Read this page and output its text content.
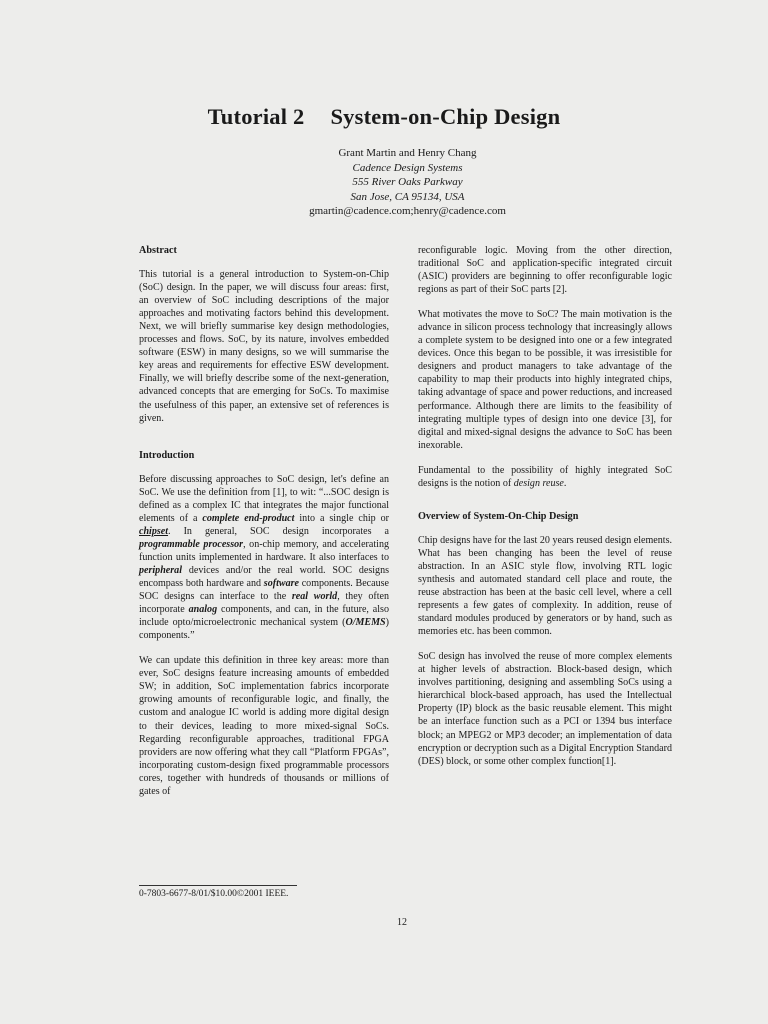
Tutorial 2 System-on-Chip Design
Grant Martin and Henry Chang
Cadence Design Systems
555 River Oaks Parkway
San Jose, CA 95134, USA
gmartin@cadence.com;henry@cadence.com
Abstract

This tutorial is a general introduction to System-on-Chip (SoC) design. In the paper, we will discuss four areas: first, an overview of SoC including descriptions of the major approaches and motivating factors behind this development. Next, we will briefly summarise key design methodologies, processes and flows. SoC, by its nature, involves embedded software (ESW) in many designs, so we will summarise the key areas and requirements for effective ESW development. Finally, we will briefly describe some of the next-generation, advanced concepts that are emerging for SoCs. To maximise the usefulness of this paper, an extensive set of references is given.

Introduction

Before discussing approaches to SoC design, let's define an SoC. We use the definition from [1], to wit: “...SOC design is defined as a complex IC that integrates the major functional elements of a complete end-product into a single chip or chipset. In general, SOC design incorporates a programmable processor, on-chip memory, and accelerating function units implemented in hardware. It also interfaces to peripheral devices and/or the real world. SOC designs encompass both hardware and software components. Because SOC designs can interface to the real world, they often incorporate analog components, and can, in the future, also include opto/microelectronic mechanical system (O/MEMS) components.”

We can update this definition in three key areas: more than ever, SoC designs feature increasing amounts of embedded SW; in addition, SoC implementation fabrics incorporate growing amounts of reconfigurable logic, and finally, the custom and analogue IC world is adding more digital design to their devices, leading to more mixed-signal SoCs. Regarding reconfigurable approaches, traditional FPGA providers are now offering what they call “Platform FPGAs”, incorporating custom-design fixed programmable processors cores, together with hundreds of thousands or millions of gates of

reconfigurable logic. Moving from the other direction, traditional SoC and application-specific integrated circuit (ASIC) providers are beginning to offer reconfigurable logic regions as part of their SoC parts [2].

What motivates the move to SoC? The main motivation is the advance in silicon process technology that increasingly allows a complete system to be designed into one or a few integrated devices. Once this began to be possible, it was irresistible for designers and product managers to take advantage of the capability to map their products into highly integrated chips, taking advantage of space and power reductions, and increased performance. Although there are limits to the feasibility of integrating multiple types of design into one device [3], for digital and mixed-signal designs the advance to SoC has been inexorable.

Fundamental to the possibility of highly integrated SoC designs is the notion of design reuse.

Overview of System-On-Chip Design

Chip designs have for the last 20 years reused design elements. What has been changing has been the level of reuse abstraction. In an ASIC style flow, involving RTL logic synthesis and automated standard cell place and route, the reuse abstraction has been at the basic cell level, where a cell represents a few gates of complexity. In addition, reuse of standard modules produced by generators or by hand, such as memories etc. has been common.

SoC design has involved the reuse of more complex elements at higher levels of abstraction. Block-based design, which involves partitioning, designing and assembling SoCs using a hierarchical block-based approach, has used the Intellectual Property (IP) block as the basic reusable element. This might be an interface function such as a PCI or 1394 bus interface block; an MPEG2 or MP3 decoder; an implementation of data encryption or decryption such as a Digital Encryption Standard (DES) block, or some other complex function[1].

0-7803-6677-8/01/$10.00©2001 IEEE.
12
